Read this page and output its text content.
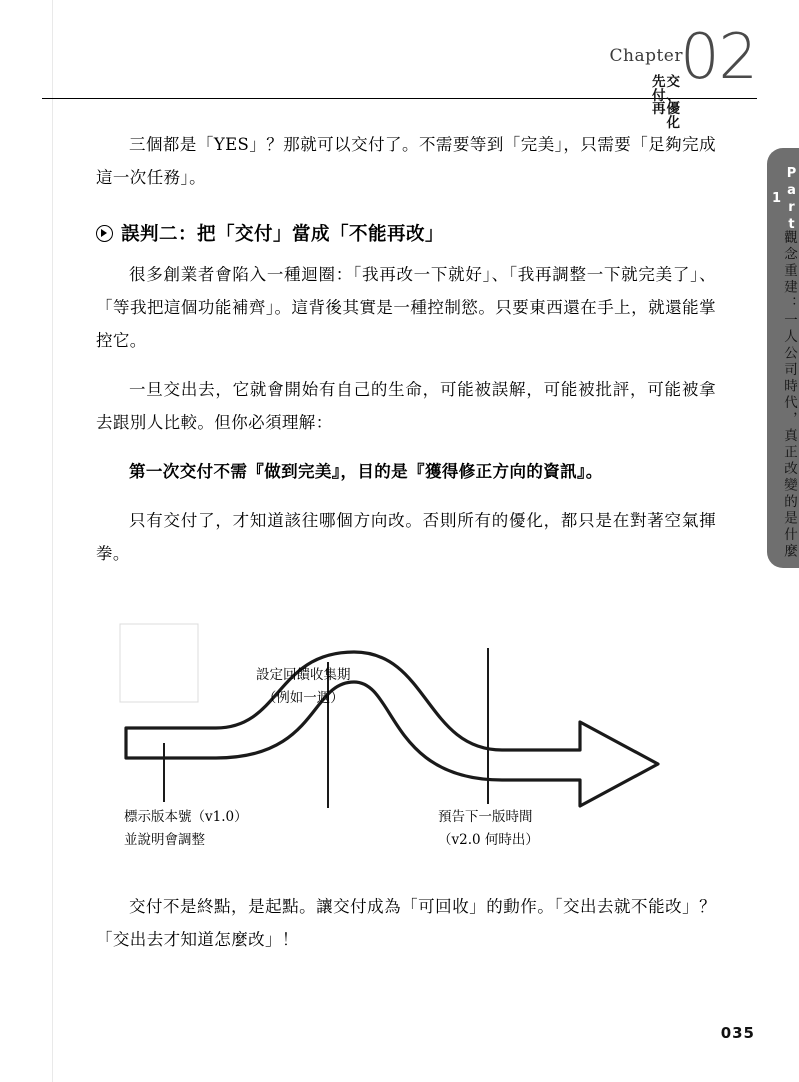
Chapter
02
先交付、再優化
Part 1
觀念重建：一人公司時代，真正改變的是什麼

三個都是「YES」？那就可以交付了。不需要等到「完美」，只需要「足夠完成這一次任務」。

誤判二：把「交付」當成「不能再改」

很多創業者會陷入一種迴圈：「我再改一下就好」、「我再調整一下就完美了」、「等我把這個功能補齊」。這背後其實是一種控制慾。只要東西還在手上，就還能掌控它。

一旦交出去，它就會開始有自己的生命，可能被誤解，可能被批評，可能被拿去跟別人比較。但你必須理解：

第一次交付不需『做到完美』，目的是『獲得修正方向的資訊』。

只有交付了，才知道該往哪個方向改。否則所有的優化，都只是在對著空氣揮拳。

標示版本號（v1.0）
並說明會調整
設定回饋收集期
（例如一週）
預告下一版時間
（v2.0 何時出）

交付不是終點，是起點。讓交付成為「可回收」的動作。「交出去就不能改」？「交出去才知道怎麼改」！

035
